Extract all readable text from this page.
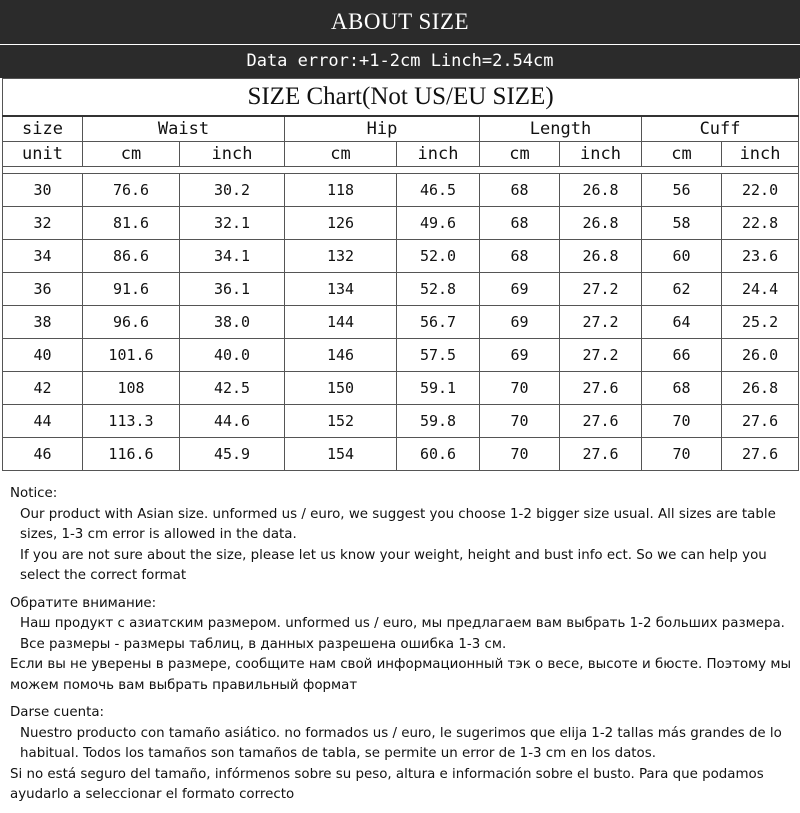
ABOUT SIZE
Data error:+1-2cm Linch=2.54cm
SIZE Chart(Not US/EU SIZE)								
size	Waist		Hip		Length		Cuff	
unit	cm	inch	cm	inch	cm	inch	cm	inch

30	76.6	30.2	118	46.5	68	26.8	56	22.0
32	81.6	32.1	126	49.6	68	26.8	58	22.8
34	86.6	34.1	132	52.0	68	26.8	60	23.6
36	91.6	36.1	134	52.8	69	27.2	62	24.4
38	96.6	38.0	144	56.7	69	27.2	64	25.2
40	101.6	40.0	146	57.5	69	27.2	66	26.0
42	108	42.5	150	59.1	70	27.6	68	26.8
44	113.3	44.6	152	59.8	70	27.6	70	27.6
46	116.6	45.9	154	60.6	70	27.6	70	27.6

Notice:

Our product with Asian size. unformed us / euro, we suggest you choose 1-2 bigger size usual. All sizes are table sizes, 1-3 cm error is allowed in the data.

If you are not sure about the size, please let us know your weight, height and bust info ect. So we can help you select the correct format

Обратите внимание:

Наш продукт с азиатским размером. unformed us / euro, мы предлагаем вам выбрать 1-2 больших размера. Все размеры - размеры таблиц, в данных разрешена ошибка 1-3 см.

Если вы не уверены в размере, сообщите нам свой информационный тэк о весе, высоте и бюсте. Поэтому мы можем помочь вам выбрать правильный формат

Darse cuenta:

Nuestro producto con tamaño asiático. no formados us / euro, le sugerimos que elija 1-2 tallas más grandes de lo habitual. Todos los tamaños son tamaños de tabla, se permite un error de 1-3 cm en los datos.

Si no está seguro del tamaño, infórmenos sobre su peso, altura e información sobre el busto. Para que podamos ayudarlo a seleccionar el formato correcto
